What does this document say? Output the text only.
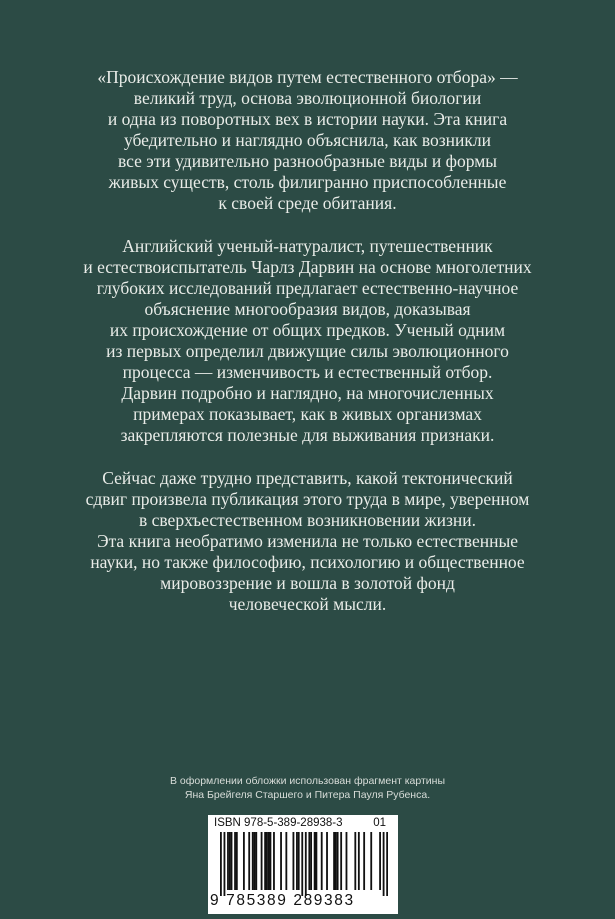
«Происхождение видов путем естественного отбора» —
великий труд, основа эволюционной биологии
и одна из поворотных вех в истории науки. Эта книга
убедительно и наглядно объяснила, как возникли
все эти удивительно разнообразные виды и формы
живых существ, столь филигранно приспособленные
к своей среде обитания.
Английский ученый-натуралист, путешественник
и естествоиспытатель Чарлз Дарвин на основе многолетних
глубоких исследований предлагает естественно-научное
объяснение многообразия видов, доказывая
их происхождение от общих предков. Ученый одним
из первых определил движущие силы эволюционного
процесса — изменчивость и естественный отбор.
Дарвин подробно и наглядно, на многочисленных
примерах показывает, как в живых организмах
закрепляются полезные для выживания признаки.
Сейчас даже трудно представить, какой тектонический
сдвиг произвела публикация этого труда в мире, уверенном
в сверхъестественном возникновении жизни.
Эта книга необратимо изменила не только естественные
науки, но также философию, психологию и общественное
мировоззрение и вошла в золотой фонд
человеческой мысли.
В оформлении обложки использован фрагмент картины
Яна Брейгеля Старшего и Питера Пауля Рубенса.
ISBN 978-5-389-28938-3	01
9 785389 289383
